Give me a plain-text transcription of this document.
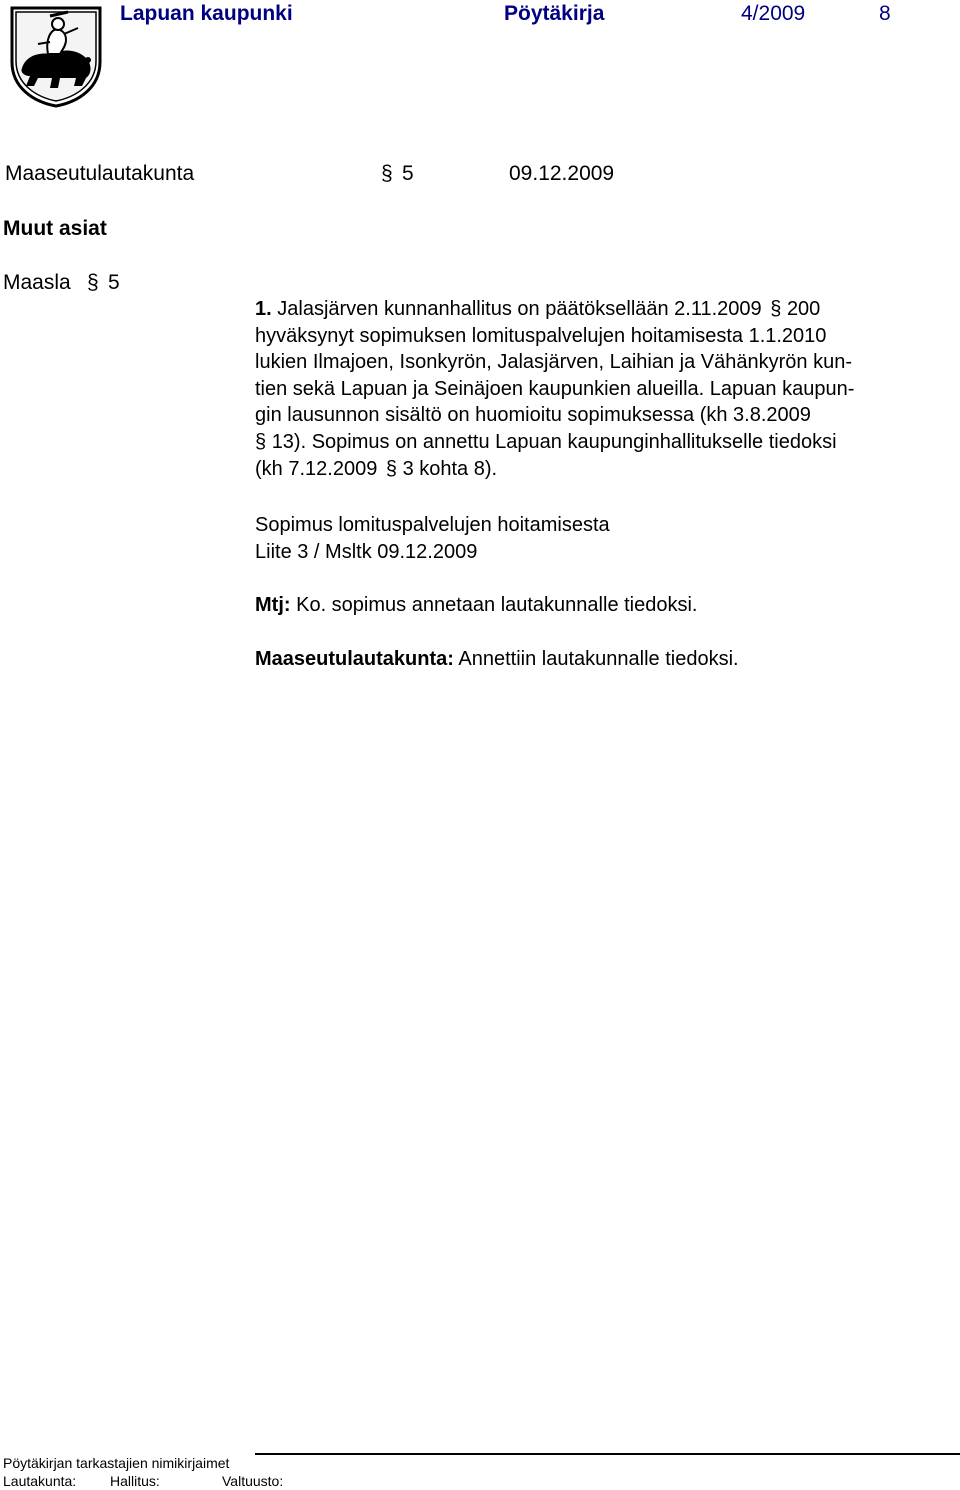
Lapuan kaupunki	Pöytäkirja	4/2009	8
Maaseutulautakunta	§ 5	09.12.2009
Muut asiat
Maasla § 5
1. Jalasjärven kunnanhallitus on päätöksellään 2.11.2009 § 200
hyväksynyt sopimuksen lomituspalvelujen hoitamisesta 1.1.2010
lukien Ilmajoen, Isonkyrön, Jalasjärven, Laihian ja Vähänkyrön kun-
tien sekä Lapuan ja Seinäjoen kaupunkien alueilla. Lapuan kaupun-
gin lausunnon sisältö on huomioitu sopimuksessa (kh 3.8.2009
§ 13). Sopimus on annettu Lapuan kaupunginhallitukselle tiedoksi
(kh 7.12.2009 § 3 kohta 8).
Sopimus lomituspalvelujen hoitamisesta
Liite 3 / Msltk 09.12.2009
Mtj: Ko. sopimus annetaan lautakunnalle tiedoksi.
Maaseutulautakunta: Annettiin lautakunnalle tiedoksi.
Pöytäkirjan tarkastajien nimikirjaimet
Lautakunta: Hallitus:	Valtuusto:
